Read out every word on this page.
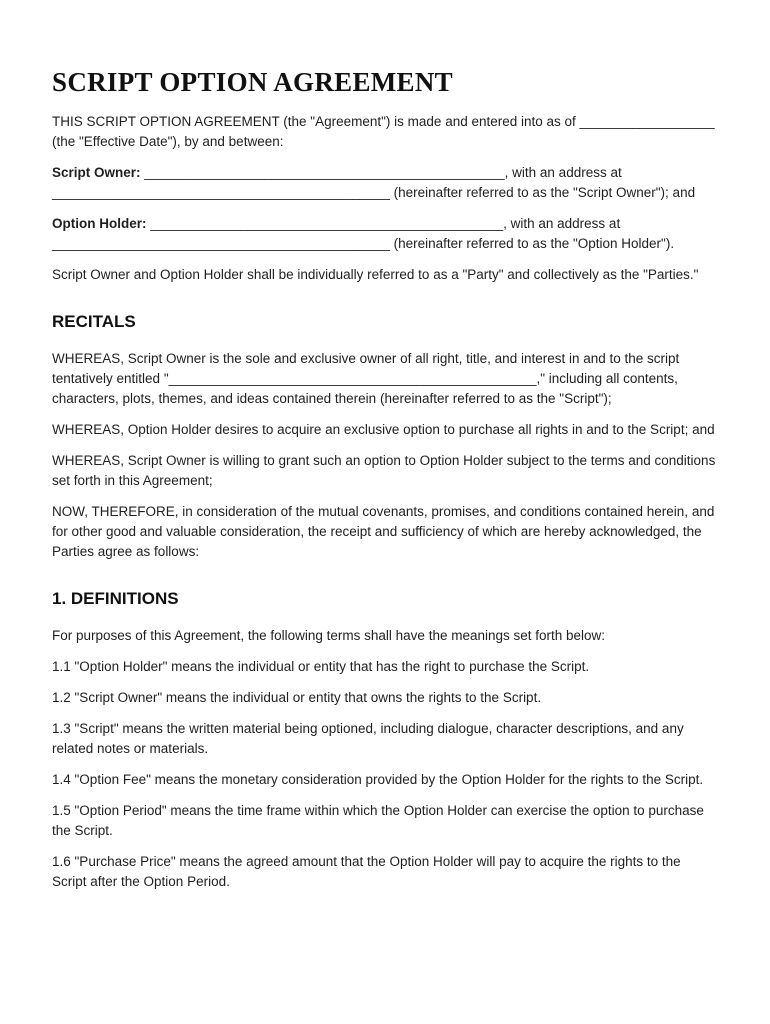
SCRIPT OPTION AGREEMENT

THIS SCRIPT OPTION AGREEMENT (the "Agreement") is made and entered into as of __________________ (the "Effective Date"), by and between:

Script Owner: ________________________________________________, with an address at _____________________________________________ (hereinafter referred to as the "Script Owner"); and

Option Holder: _______________________________________________, with an address at _____________________________________________ (hereinafter referred to as the "Option Holder").

Script Owner and Option Holder shall be individually referred to as a "Party" and collectively as the "Parties."

RECITALS

WHEREAS, Script Owner is the sole and exclusive owner of all right, title, and interest in and to the script tentatively entitled "_________________________________________________," including all contents, characters, plots, themes, and ideas contained therein (hereinafter referred to as the "Script");

WHEREAS, Option Holder desires to acquire an exclusive option to purchase all rights in and to the Script; and

WHEREAS, Script Owner is willing to grant such an option to Option Holder subject to the terms and conditions set forth in this Agreement;

NOW, THEREFORE, in consideration of the mutual covenants, promises, and conditions contained herein, and for other good and valuable consideration, the receipt and sufficiency of which are hereby acknowledged, the Parties agree as follows:

1. DEFINITIONS

For purposes of this Agreement, the following terms shall have the meanings set forth below:

1.1 "Option Holder" means the individual or entity that has the right to purchase the Script.

1.2 "Script Owner" means the individual or entity that owns the rights to the Script.

1.3 "Script" means the written material being optioned, including dialogue, character descriptions, and any related notes or materials.

1.4 "Option Fee" means the monetary consideration provided by the Option Holder for the rights to the Script.

1.5 "Option Period" means the time frame within which the Option Holder can exercise the option to purchase the Script.

1.6 "Purchase Price" means the agreed amount that the Option Holder will pay to acquire the rights to the Script after the Option Period.
